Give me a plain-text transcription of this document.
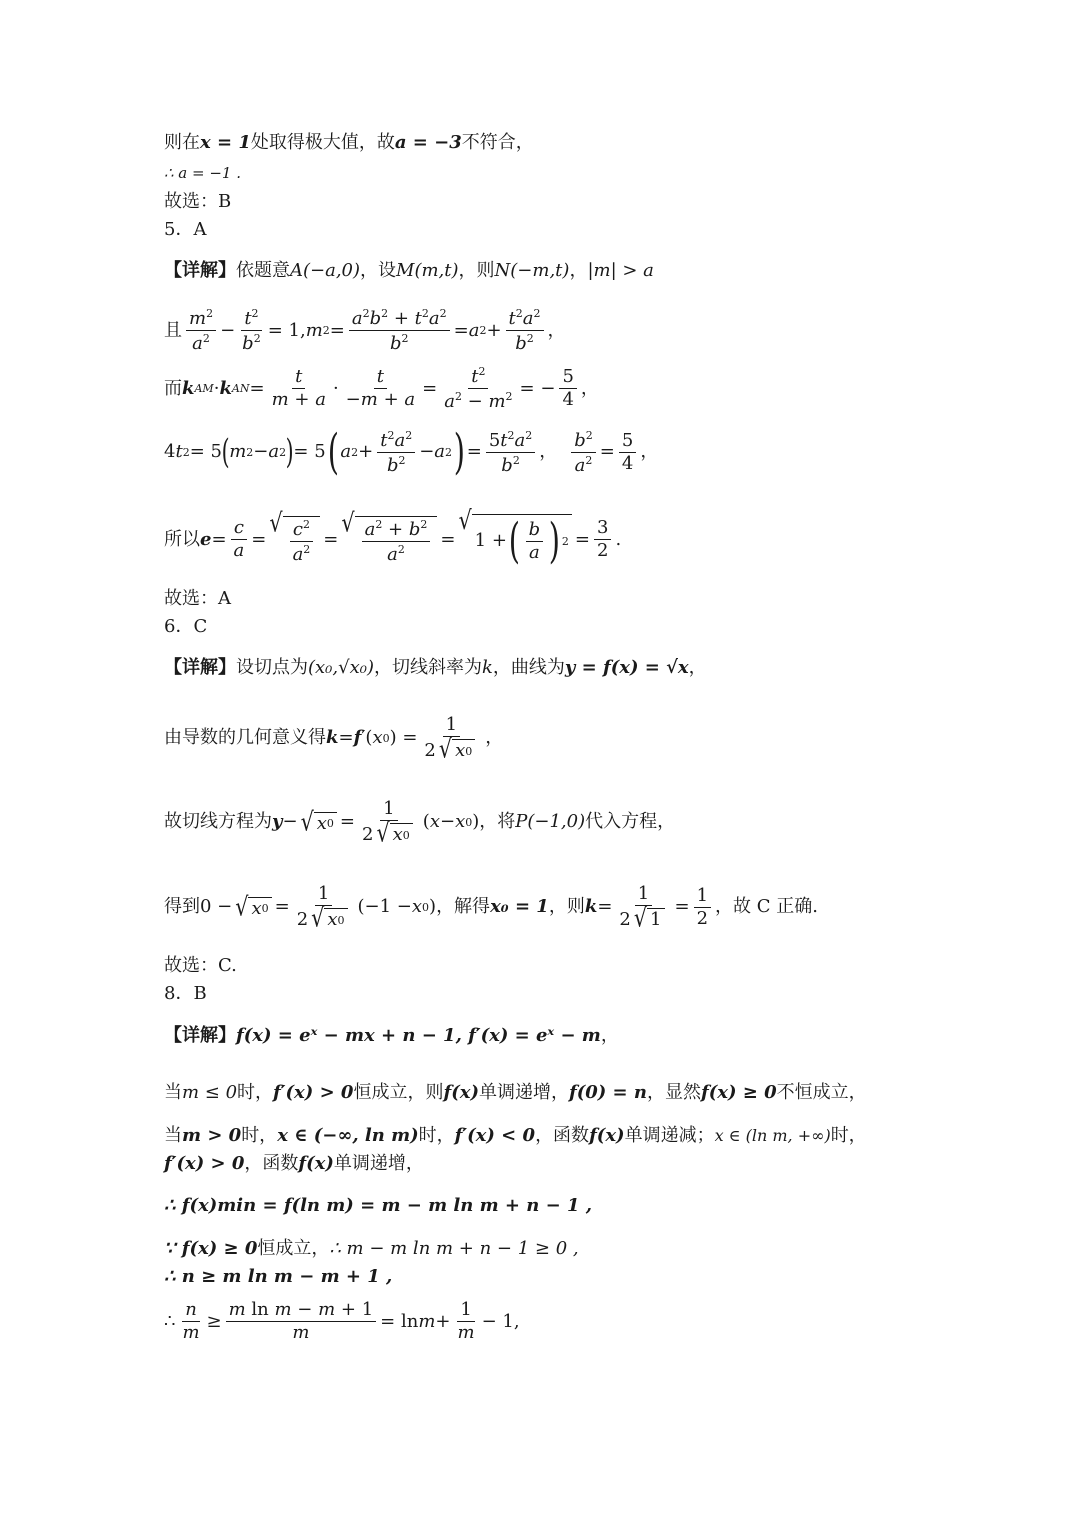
则在 x = 1 处取得极大值，故 a = −3 不符合，
∴ a = −1 .
故选：B
5．A
【详解】 依题意 A(−a,0) ，设 M(m,t) ，则 N(−m,t) ， |m| > a
且 $\frac{m^2}{a^2} - \frac{t^2}{b^2} = 1$, m $2 = \frac{a^2b^2 + t^2a^2}{b^2} = a$ $2 + \frac{t^2a^2}{b^2}$ ，
而 k AM · k AN = $\frac{t}{m + a} \cdot \frac{t}{-m + a} = \frac{t^2}{a^2 - m^2}$ = − $\frac{5}{4}$ ，
4 t 2 = 5 ( m 2 − a 2 ) = 5 ( a $2 + \frac{t^2a^2}{b^2} - a$ 2 ) = $\frac{5t^2a^2}{b^2}$ ， $\frac{b^2}{a^2} = \frac{5}{4}$ ，
所以 $e = \frac{c}{a}$ =
√ $\frac{c^2}{a^2}$ =
√ $\frac{a^2 + b^2}{a^2}$ =
√
1 + ( $\frac{b}{a}$ ) $2 = \frac{3}{2}$ .
故选：A
6．C
【详解】 设切点为 (x₀,√x₀) ，切线斜率为 k ，曲线为 y = f(x) = √x ，
由导数的几何意义得 k = f ′( x 0 ) = $\frac{1}{2 √ x 0}$ ，
故切线方程为 y − √ x $0 = \frac{1}{2 √ x 0}$ ( x − x 0 ) ，将 P(−1,0) 代入方程，
得到 0 − √ x $0 = \frac{1}{2 √ x 0} (-1 - x$ 0 ) ，解得 x₀ = 1 ，则 $k = \frac{1}{2 √ 1} = \frac{1}{2}$ ，故 C 正确.
故选：C.
8．B
【详解】 f(x) = eˣ − mx + n − 1, f′(x) = eˣ − m ，
当 m ≤ 0 时， f′(x) > 0 恒成立，则 f(x) 单调递增， f(0) = n ，显然 f(x) ≥ 0 不恒成立，
当 m > 0 时， x ∈ (−∞, ln m) 时， f′(x) < 0 ，函数 f(x) 单调递减； x ∈ (ln m, +∞) 时，
f′(x) > 0 ，函数 f(x) 单调递增，
∴ f(x)min = f(ln m) = m − m ln m + n − 1 ,
∵ f(x) ≥ 0 恒成立， ∴ m − m ln m + n − 1 ≥ 0 ,
∴ n ≥ m ln m − m + 1 ,
∴ $\frac{n}{m} \ge \frac{\text{m ln m − m + 1}}{m} = \ln m + \frac{1}{m} - 1$ ,
